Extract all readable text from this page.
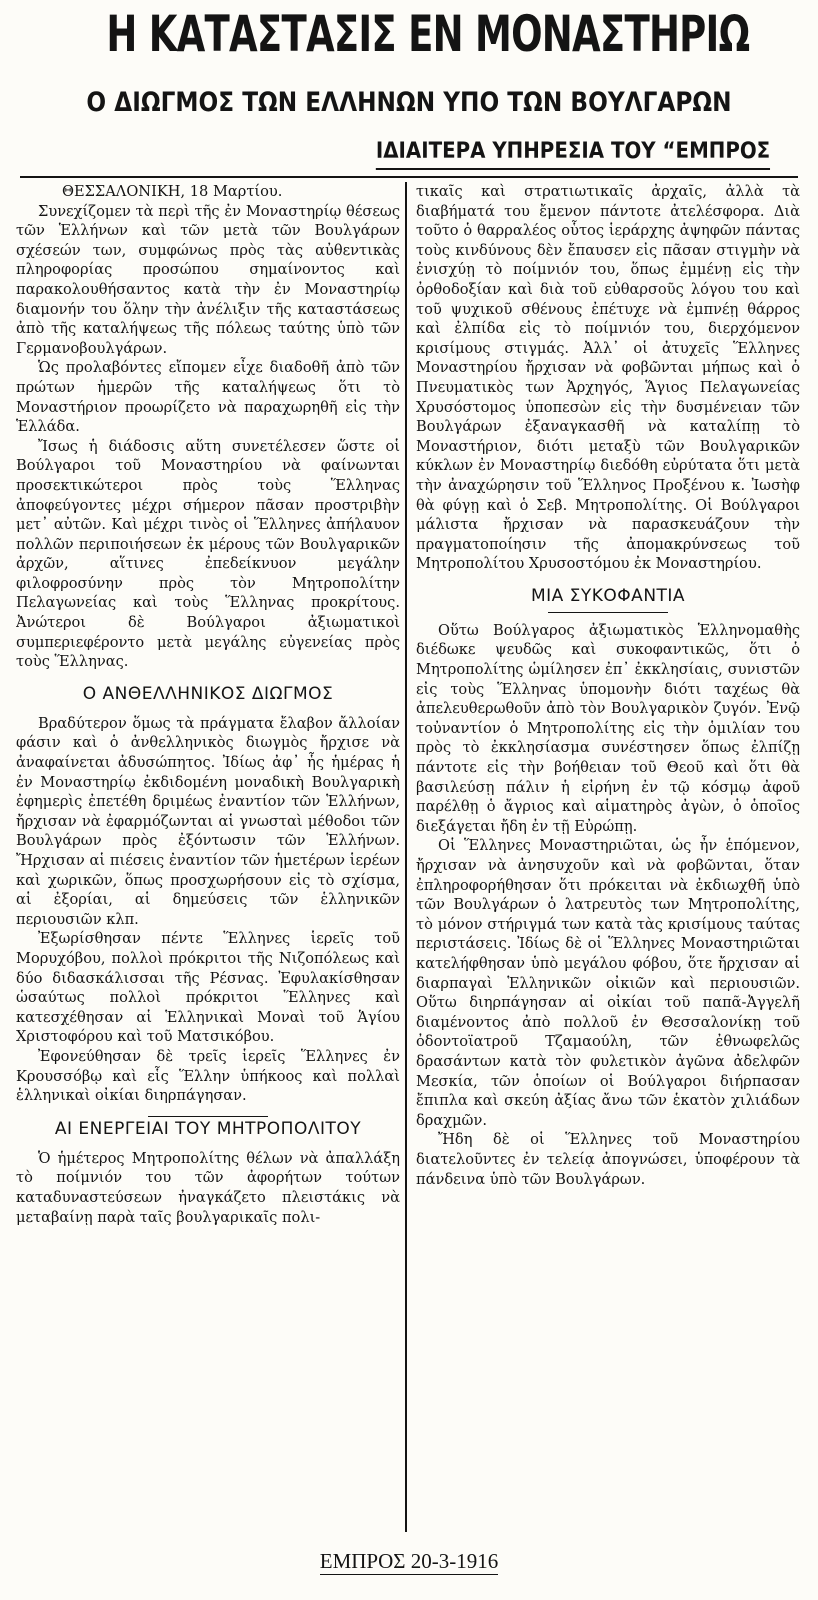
Η ΚΑΤΑΣΤΑΣΙΣ ΕΝ ΜΟΝΑΣΤΗΡΙΩ
Ο ΔΙΩΓΜΟΣ ΤΩΝ ΕΛΛΗΝΩΝ ΥΠΟ ΤΩΝ ΒΟΥΛΓΑΡΩΝ
ΙΔΙΑΙΤΕΡΑ ΥΠΗΡΕΣΙΑ ΤΟΥ “ΕΜΠΡΟΣ

ΘΕΣΣΑΛΟΝΙΚΗ, 18 Μαρτίου.

Συνεχίζομεν τὰ περὶ τῆς ἐν Μοναστηρίῳ θέσεως τῶν Ἑλλήνων καὶ τῶν μετὰ τῶν Βουλγάρων σχέσεών των, συμφώνως πρὸς τὰς αὐθεντικὰς πληροφορίας προσώπου σημαίνοντος καὶ παρακολουθήσαντος κατὰ τὴν ἐν Μοναστηρίῳ διαμονήν του ὅλην τὴν ἀνέλιξιν τῆς καταστάσεως ἀπὸ τῆς καταλήψεως τῆς πόλεως ταύτης ὑπὸ τῶν Γερμανοβουλγάρων.

Ὡς προλαβόντες εἴπομεν εἶχε διαδοθῆ ἀπὸ τῶν πρώτων ἡμερῶν τῆς καταλήψεως ὅτι τὸ Μοναστήριον προωρίζετο νὰ παραχωρηθῆ εἰς τὴν Ἑλλάδα.

Ἴσως ἡ διάδοσις αὕτη συνετέλεσεν ὥστε οἱ Βούλγαροι τοῦ Μοναστηρίου νὰ φαίνωνται προσεκτικώτεροι πρὸς τοὺς Ἕλληνας ἀποφεύγοντες μέχρι σήμερον πᾶσαν προστριβὴν μετ᾽ αὐτῶν. Καὶ μέχρι τινὸς οἱ Ἕλληνες ἀπήλαυον πολλῶν περιποιήσεων ἐκ μέρους τῶν Βουλγαρικῶν ἀρχῶν, αἵτινες ἐπεδείκνυον μεγάλην φιλοφροσύνην πρὸς τὸν Μητροπολίτην Πελαγωνείας καὶ τοὺς Ἕλληνας προκρίτους. Ἀνώτεροι δὲ Βούλγαροι ἀξιωματικοὶ συμπεριεφέροντο μετὰ μεγάλης εὐγενείας πρὸς τοὺς Ἕλληνας.

Ο ΑΝΘΕΛΛΗΝΙΚΟΣ ΔΙΩΓΜΟΣ

Βραδύτερον ὅμως τὰ πράγματα ἔλαβον ἄλλοίαν φάσιν καὶ ὁ ἀνθελληνικὸς διωγμὸς ἤρχισε νὰ ἀναφαίνεται ἀδυσώπητος. Ἰδίως ἀφ᾽ ἧς ἡμέρας ἡ ἐν Μοναστηρίῳ ἐκδιδομένη μοναδικὴ Βουλγαρικὴ ἐφημερὶς ἐπετέθη δριμέως ἐναντίον τῶν Ἑλλήνων, ἤρχισαν νὰ ἐφαρμόζωνται αἱ γνωσταὶ μέθοδοι τῶν Βουλγάρων πρὸς ἐξόντωσιν τῶν Ἑλλήνων. Ἤρχισαν αἱ πιέσεις ἐναντίον τῶν ἡμετέρων ἱερέων καὶ χωρικῶν, ὅπως προσχωρήσουν εἰς τὸ σχίσμα, αἱ ἐξορίαι, αἱ δημεύσεις τῶν ἑλληνικῶν περιουσιῶν κλπ.

Ἐξωρίσθησαν πέντε Ἕλληνες ἱερεῖς τοῦ Μορυχόβου, πολλοὶ πρόκριτοι τῆς Νιζοπόλεως καὶ δύο διδασκάλισσαι τῆς Ρέσνας. Ἐφυλακίσθησαν ὡσαύτως πολλοὶ πρόκριτοι Ἕλληνες καὶ κατεσχέθησαν αἱ Ἑλληνικαὶ Μοναὶ τοῦ Ἁγίου Χριστοφόρου καὶ τοῦ Ματσικόβου.

Ἐφονεύθησαν δὲ τρεῖς ἱερεῖς Ἕλληνες ἐν Κρουσσόβῳ καὶ εἷς Ἕλλην ὑπήκοος καὶ πολλαὶ ἑλληνικαὶ οἰκίαι διηρπάγησαν.

ΑΙ ΕΝΕΡΓΕΙΑΙ ΤΟΥ ΜΗΤΡΟΠΟΛΙΤΟΥ

Ὁ ἡμέτερος Μητροπολίτης θέλων νὰ ἀπαλλάξη τὸ ποίμνιόν του τῶν ἀφορήτων τούτων καταδυναστεύσεων ἠναγκάζετο πλειστάκις νὰ μεταβαίνῃ παρὰ ταῖς βουλγαρικαῖς πολι-

τικαῖς καὶ στρατιωτικαῖς ἀρχαῖς, ἀλλὰ τὰ διαβήματά του ἔμενον πάντοτε ἀτελέσφορα. Διὰ τοῦτο ὁ θαρραλέος οὗτος ἱεράρχης ἀψηφῶν πάντας τοὺς κινδύνους δὲν ἔπαυσεν εἰς πᾶσαν στιγμὴν νὰ ἐνισχύῃ τὸ ποίμνιόν του, ὅπως ἐμμένῃ εἰς τὴν ὀρθοδοξίαν καὶ διὰ τοῦ εὐθαρσοῦς λόγου του καὶ τοῦ ψυχικοῦ σθένους ἐπέτυχε νὰ ἐμπνέῃ θάρρος καὶ ἐλπίδα εἰς τὸ ποίμνιόν του, διερχόμενον κρισίμους στιγμάς. Ἀλλ᾽ οἱ ἀτυχεῖς Ἕλληνες Μοναστηρίου ἤρχισαν νὰ φοβῶνται μήπως καὶ ὁ Πνευματικὸς των Ἀρχηγός, Ἅγιος Πελαγωνείας Χρυσόστομος ὑποπεσὼν εἰς τὴν δυσμένειαν τῶν Βουλγάρων ἐξαναγκασθῆ νὰ καταλίπῃ τὸ Μοναστήριον, διότι μεταξὺ τῶν Βουλγαρικῶν κύκλων ἐν Μοναστηρίῳ διεδόθη εὐρύτατα ὅτι μετὰ τὴν ἀναχώρησιν τοῦ Ἕλληνος Προξένου κ. Ἰωσὴφ θὰ φύγῃ καὶ ὁ Σεβ. Μητροπολίτης. Οἱ Βούλγαροι μάλιστα ἤρχισαν νὰ παρασκευάζουν τὴν πραγματοποίησιν τῆς ἀπομακρύνσεως τοῦ Μητροπολίτου Χρυσοστόμου ἐκ Μοναστηρίου.

ΜΙΑ ΣΥΚΟΦΑΝΤΙΑ

Οὕτω Βούλγαρος ἀξιωματικὸς Ἑλληνομαθὴς διέδωκε ψευδῶς καὶ συκοφαντικῶς, ὅτι ὁ Μητροπολίτης ὡμίλησεν ἐπ᾽ ἐκκλησίαις, συνιστῶν εἰς τοὺς Ἕλληνας ὑπομονὴν διότι ταχέως θὰ ἀπελευθερωθοῦν ἀπὸ τὸν Βουλγαρικὸν ζυγόν. Ἐνῷ τοὐναντίον ὁ Μητροπολίτης εἰς τὴν ὁμιλίαν του πρὸς τὸ ἐκκλησίασμα συνέστησεν ὅπως ἐλπίζῃ πάντοτε εἰς τὴν βοήθειαν τοῦ Θεοῦ καὶ ὅτι θὰ βασιλεύσῃ πάλιν ἡ εἰρήνη ἐν τῷ κόσμῳ ἀφοῦ παρέλθῃ ὁ ἄγριος καὶ αἱματηρὸς ἀγὼν, ὁ ὁποῖος διεξάγεται ἤδη ἐν τῇ Εὐρώπῃ.

Οἱ Ἕλληνες Μοναστηριῶται, ὡς ἦν ἑπόμενον, ἤρχισαν νὰ ἀνησυχοῦν καὶ νὰ φοβῶνται, ὅταν ἐπληροφορήθησαν ὅτι πρόκειται νὰ ἐκδιωχθῆ ὑπὸ τῶν Βουλγάρων ὁ λατρευτὸς των Μητροπολίτης, τὸ μόνον στήριγμά των κατὰ τὰς κρισίμους ταύτας περιστάσεις. Ἰδίως δὲ οἱ Ἕλληνες Μοναστηριῶται κατελήφθησαν ὑπὸ μεγάλου φόβου, ὅτε ἤρχισαν αἱ διαρπαγαὶ Ἑλληνικῶν οἰκιῶν καὶ περιουσιῶν. Οὕτω διηρπάγησαν αἱ οἰκίαι τοῦ παπᾶ-Ἀγγελῆ διαμένοντος ἀπὸ πολλοῦ ἐν Θεσσαλονίκῃ τοῦ ὀδοντοϊατροῦ Τζαμαούλη, τῶν ἐθνωφελῶς δρασάντων κατὰ τὸν φυλετικὸν ἀγῶνα ἀδελφῶν Μεσκία, τῶν ὁποίων οἱ Βούλγαροι διήρπασαν ἔπιπλα καὶ σκεύη ἀξίας ἄνω τῶν ἑκατὸν χιλιάδων δραχμῶν.

Ἤδη δὲ οἱ Ἕλληνες τοῦ Μοναστηρίου διατελοῦντες ἐν τελείᾳ ἀπογνώσει, ὑποφέρουν τὰ πάνδεινα ὑπὸ τῶν Βουλγάρων.

ΕΜΠΡΟΣ 20-3-1916
